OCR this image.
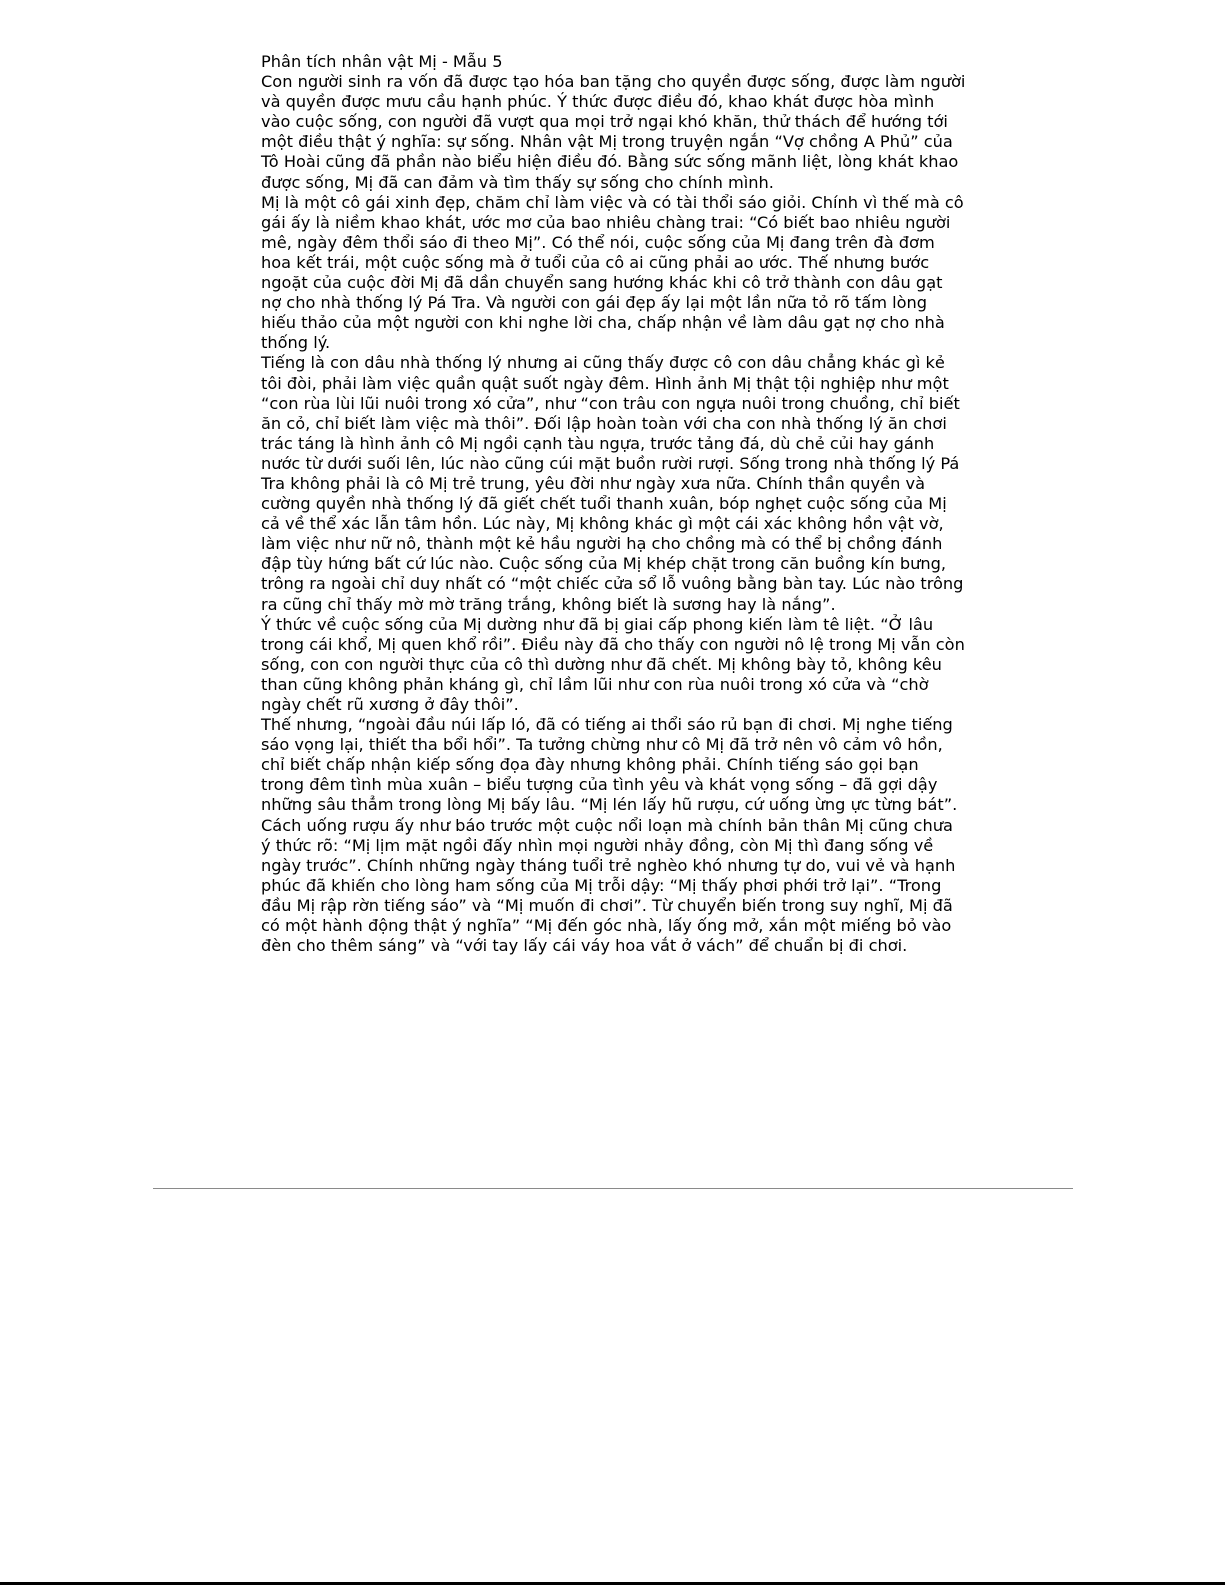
Phân tích nhân vật Mị - Mẫu 5

Con người sinh ra vốn đã được tạo hóa ban tặng cho quyền được sống, được làm người và quyền được mưu cầu hạnh phúc. Ý thức được điều đó, khao khát được hòa mình vào cuộc sống, con người đã vượt qua mọi trở ngại khó khăn, thử thách để hướng tới một điều thật ý nghĩa: sự sống. Nhân vật Mị trong truyện ngắn “Vợ chồng A Phủ” của Tô Hoài cũng đã phần nào biểu hiện điều đó. Bằng sức sống mãnh liệt, lòng khát khao được sống, Mị đã can đảm và tìm thấy sự sống cho chính mình.

Mị là một cô gái xinh đẹp, chăm chỉ làm việc và có tài thổi sáo giỏi. Chính vì thế mà cô gái ấy là niềm khao khát, ước mơ của bao nhiêu chàng trai: “Có biết bao nhiêu người mê, ngày đêm thổi sáo đi theo Mị”. Có thể nói, cuộc sống của Mị đang trên đà đơm hoa kết trái, một cuộc sống mà ở tuổi của cô ai cũng phải ao ước. Thế nhưng bước ngoặt của cuộc đời Mị đã dần chuyển sang hướng khác khi cô trở thành con dâu gạt nợ cho nhà thống lý Pá Tra. Và người con gái đẹp ấy lại một lần nữa tỏ rõ tấm lòng hiếu thảo của một người con khi nghe lời cha, chấp nhận về làm dâu gạt nợ cho nhà thống lý.

Tiếng là con dâu nhà thống lý nhưng ai cũng thấy được cô con dâu chẳng khác gì kẻ tôi đòi, phải làm việc quần quật suốt ngày đêm. Hình ảnh Mị thật tội nghiệp như một “con rùa lùi lũi nuôi trong xó cửa”, như “con trâu con ngựa nuôi trong chuồng, chỉ biết ăn cỏ, chỉ biết làm việc mà thôi”. Đối lập hoàn toàn với cha con nhà thống lý ăn chơi trác táng là hình ảnh cô Mị ngồi cạnh tàu ngựa, trước tảng đá, dù chẻ củi hay gánh nước từ dưới suối lên, lúc nào cũng cúi mặt buồn rười rượi. Sống trong nhà thống lý Pá Tra không phải là cô Mị trẻ trung, yêu đời như ngày xưa nữa. Chính thần quyền và cường quyền nhà thống lý đã giết chết tuổi thanh xuân, bóp nghẹt cuộc sống của Mị cả về thể xác lẫn tâm hồn. Lúc này, Mị không khác gì một cái xác không hồn vật vờ, làm việc như nữ nô, thành một kẻ hầu người hạ cho chồng mà có thể bị chồng đánh đập tùy hứng bất cứ lúc nào. Cuộc sống của Mị khép chặt trong căn buồng kín bưng, trông ra ngoài chỉ duy nhất có “một chiếc cửa sổ lỗ vuông bằng bàn tay. Lúc nào trông ra cũng chỉ thấy mờ mờ trăng trắng, không biết là sương hay là nắng”.

Ý thức về cuộc sống của Mị dường như đã bị giai cấp phong kiến làm tê liệt. “Ở lâu trong cái khổ, Mị quen khổ rồi”. Điều này đã cho thấy con người nô lệ trong Mị vẫn còn sống, con con người thực của cô thì dường như đã chết. Mị không bày tỏ, không kêu than cũng không phản kháng gì, chỉ lầm lũi như con rùa nuôi trong xó cửa và “chờ ngày chết rũ xương ở đây thôi”.

Thế nhưng, “ngoài đầu núi lấp ló, đã có tiếng ai thổi sáo rủ bạn đi chơi. Mị nghe tiếng sáo vọng lại, thiết tha bổi hổi”. Ta tưởng chừng như cô Mị đã trở nên vô cảm vô hồn, chỉ biết chấp nhận kiếp sống đọa đày nhưng không phải. Chính tiếng sáo gọi bạn trong đêm tình mùa xuân – biểu tượng của tình yêu và khát vọng sống – đã gợi dậy những sâu thẳm trong lòng Mị bấy lâu. “Mị lén lấy hũ rượu, cứ uống ừng ực từng bát”. Cách uống rượu ấy như báo trước một cuộc nổi loạn mà chính bản thân Mị cũng chưa ý thức rõ: “Mị lịm mặt ngồi đấy nhìn mọi người nhảy đồng, còn Mị thì đang sống về ngày trước”. Chính những ngày tháng tuổi trẻ nghèo khó nhưng tự do, vui vẻ và hạnh phúc đã khiến cho lòng ham sống của Mị trỗi dậy: “Mị thấy phơi phới trở lại”. “Trong đầu Mị rập rờn tiếng sáo” và “Mị muốn đi chơi”. Từ chuyển biến trong suy nghĩ, Mị đã có một hành động thật ý nghĩa” “Mị đến góc nhà, lấy ống mở, xắn một miếng bỏ vào đèn cho thêm sáng” và “với tay lấy cái váy hoa vắt ở vách” để chuẩn bị đi chơi.
